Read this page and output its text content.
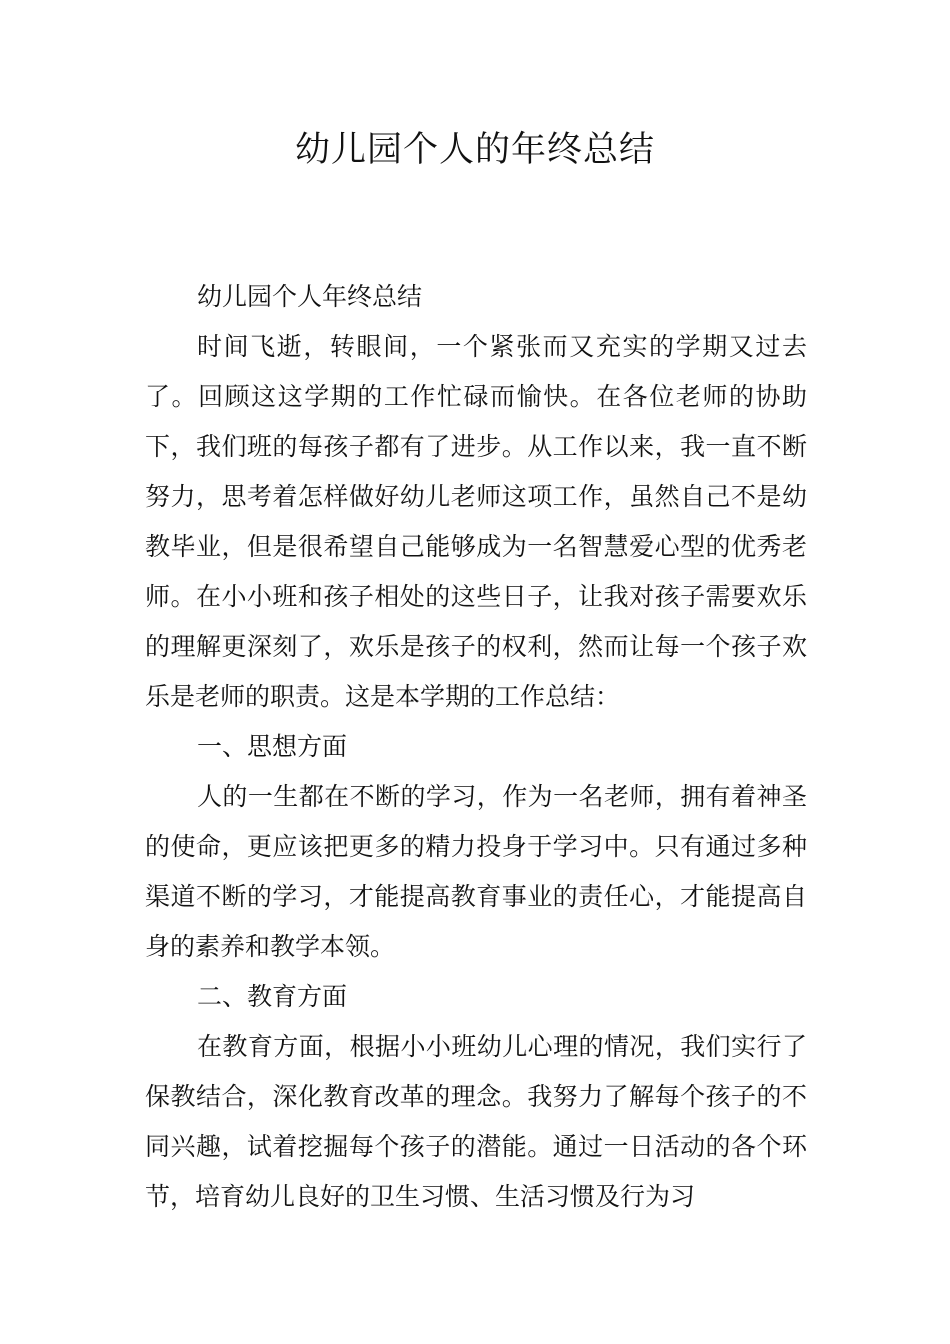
幼儿园个人的年终总结

幼儿园个人年终总结

时间飞逝，转眼间，一个紧张而又充实的学期又过去了。回顾这这学期的工作忙碌而愉快。在各位老师的协助下，我们班的每孩子都有了进步。从工作以来，我一直不断努力，思考着怎样做好幼儿老师这项工作，虽然自己不是幼教毕业，但是很希望自己能够成为一名智慧爱心型的优秀老师。在小小班和孩子相处的这些日子，让我对孩子需要欢乐的理解更深刻了，欢乐是孩子的权利，然而让每一个孩子欢乐是老师的职责。这是本学期的工作总结：

一、思想方面

人的一生都在不断的学习，作为一名老师，拥有着神圣的使命，更应该把更多的精力投身于学习中。只有通过多种渠道不断的学习，才能提高教育事业的责任心，才能提高自身的素养和教学本领。

二、教育方面

在教育方面，根据小小班幼儿心理的情况，我们实行了保教结合，深化教育改革的理念。我努力了解每个孩子的不同兴趣，试着挖掘每个孩子的潜能。通过一日活动的各个环节，培育幼儿良好的卫生习惯、生活习惯及行为习
